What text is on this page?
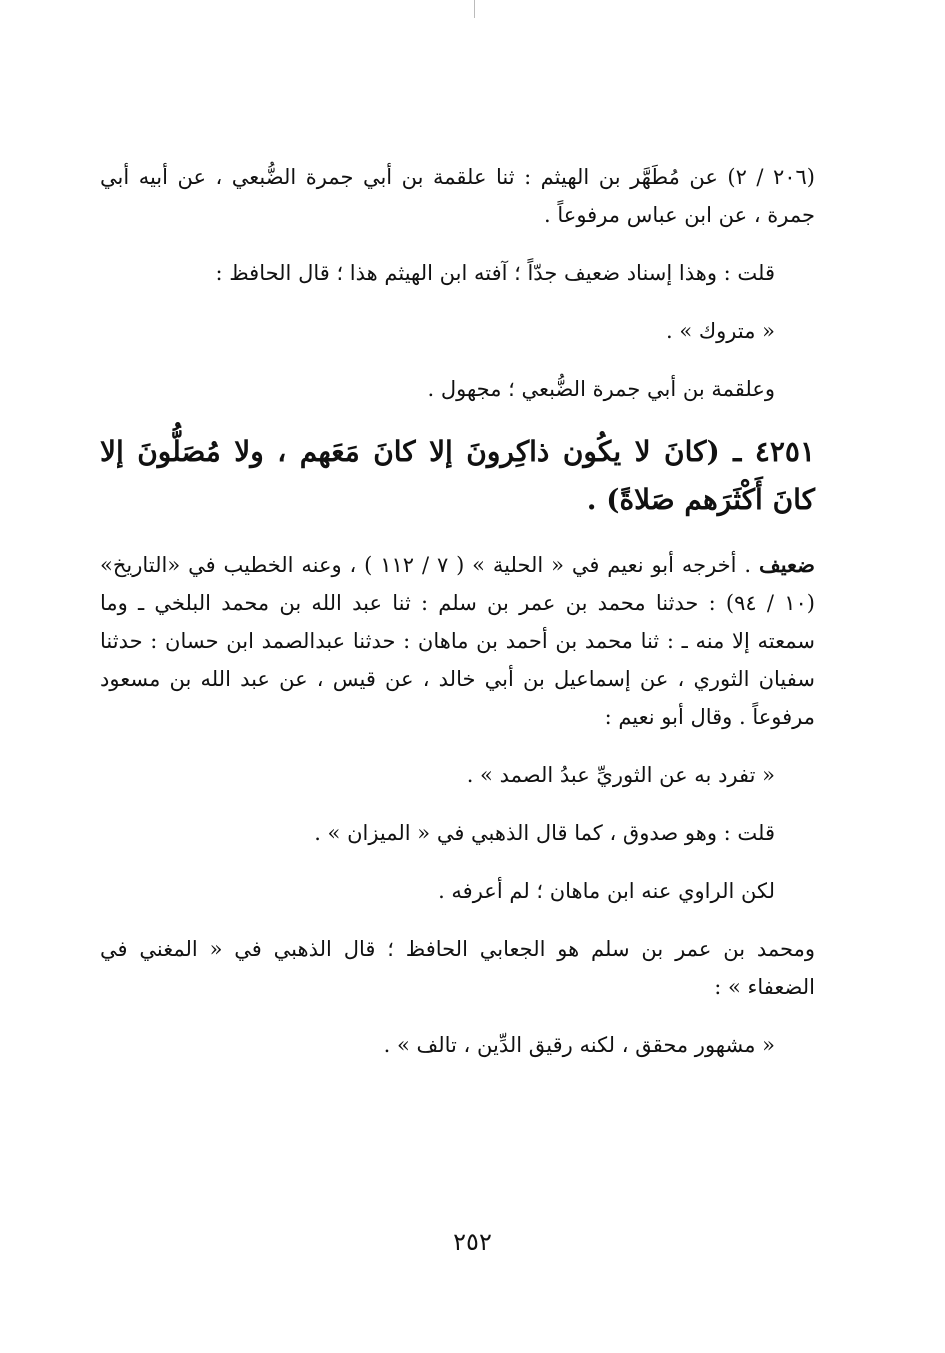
(٢٠٦ / ٢) عن مُطَهَّر بن الهيثم : ثنا علقمة بن أبي جمرة الضُّبعي ، عن أبيه أبي جمرة ، عن ابن عباس مرفوعاً .

قلت : وهذا إسناد ضعيف جدّاً ؛ آفته ابن الهيثم هذا ؛ قال الحافظ :

« متروك » .

وعلقمة بن أبي جمرة الضُّبعي ؛ مجهول .

٤٢٥١ ـ (كانَ لا يكُون ذاكِرونَ إلا كانَ مَعَهم ، ولا مُصَلُّونَ إلا كانَ أَكْثَرَهم صَلاةً) .

ضعيف . أخرجه أبو نعيم في « الحلية » ( ٧ / ١١٢ ) ، وعنه الخطيب في «التاريخ» (١٠ / ٩٤) : حدثنا محمد بن عمر بن سلم : ثنا عبد الله بن محمد البلخي ـ وما سمعته إلا منه ـ : ثنا محمد بن أحمد بن ماهان : حدثنا عبدالصمد ابن حسان : حدثنا سفيان الثوري ، عن إسماعيل بن أبي خالد ، عن قيس ، عن عبد الله بن مسعود مرفوعاً . وقال أبو نعيم :

« تفرد به عن الثوريِّ عبدُ الصمد » .

قلت : وهو صدوق ، كما قال الذهبي في « الميزان » .

لكن الراوي عنه ابن ماهان ؛ لم أعرفه .

ومحمد بن عمر بن سلم هو الجعابي الحافظ ؛ قال الذهبي في « المغني في الضعفاء » :

« مشهور محقق ، لكنه رقيق الدِّين ، تالف » .

٢٥٢
